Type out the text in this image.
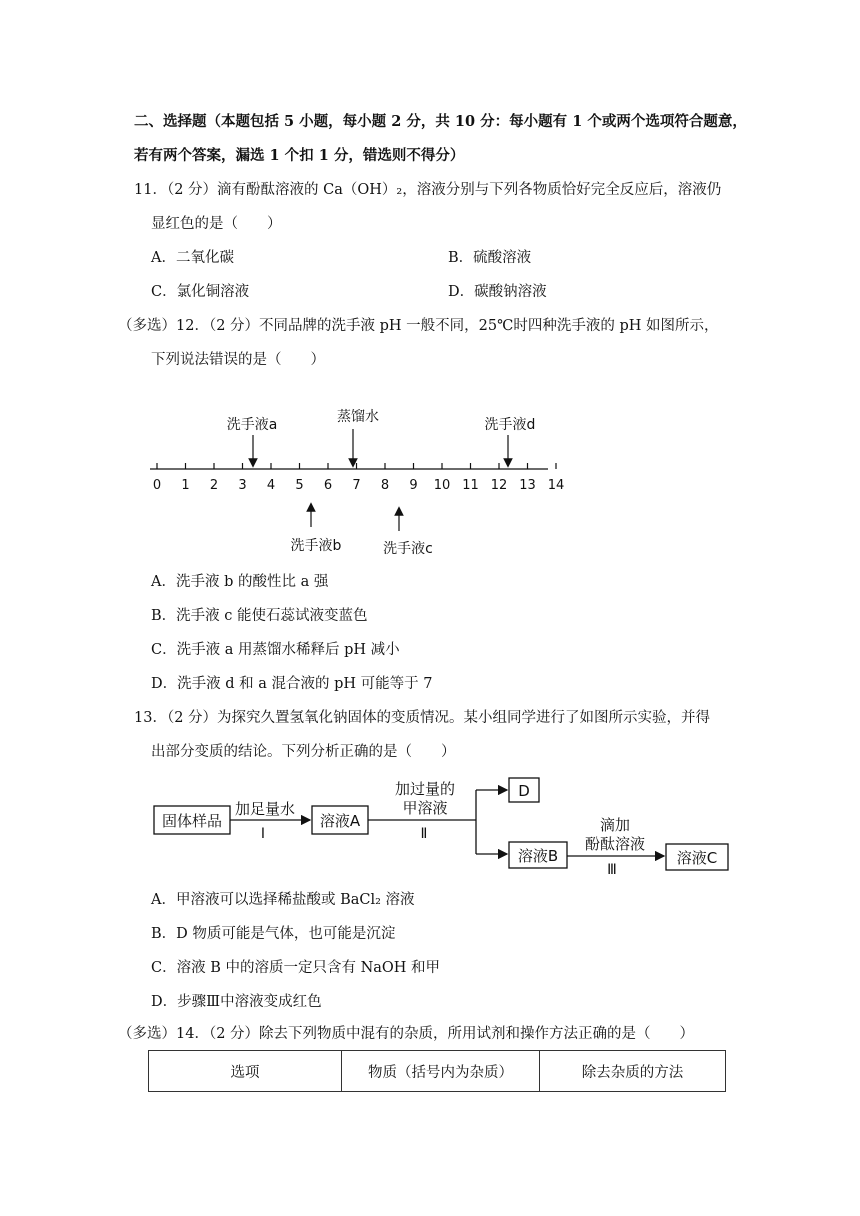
二、选择题（本题包括 5 小题，每小题 2 分，共 10 分：每小题有 1 个或两个选项符合题意，
若有两个答案，漏选 1 个扣 1 分，错选则不得分）
11．（2 分）滴有酚酞溶液的 Ca（OH）₂，溶液分别与下列各物质恰好完全反应后，溶液仍
显红色的是（　　）
A．二氧化碳	B．硫酸溶液
C．氯化铜溶液	D．碳酸钠溶液
（多选）12．（2 分）不同品牌的洗手液 pH 一般不同，25℃时四种洗手液的 pH 如图所示，
下列说法错误的是（　　）
0 1 2 3 4 5 6 7 8 9 10 11 12 13 14
洗手液a	蒸馏水	洗手液d
洗手液b	洗手液c
A．洗手液 b 的酸性比 a 强
B．洗手液 c 能使石蕊试液变蓝色
C．洗手液 a 用蒸馏水稀释后 pH 减小
D．洗手液 d 和 a 混合液的 pH 可能等于 7
13．（2 分）为探究久置氢氧化钠固体的变质情况。某小组同学进行了如图所示实验，并得
出部分变质的结论。下列分析正确的是（　　）
固体样品
加足量水
Ⅰ
溶液A
加过量的
甲溶液
Ⅱ
D
溶液B
滴加
酚酞溶液
Ⅲ
溶液C
A．甲溶液可以选择稀盐酸或 BaCl₂ 溶液
B．D 物质可能是气体，也可能是沉淀
C．溶液 B 中的溶质一定只含有 NaOH 和甲
D．步骤Ⅲ中溶液变成红色
（多选）14．（2 分）除去下列物质中混有的杂质，所用试剂和操作方法正确的是（　　）
选项	物质（括号内为杂质）	除去杂质的方法
